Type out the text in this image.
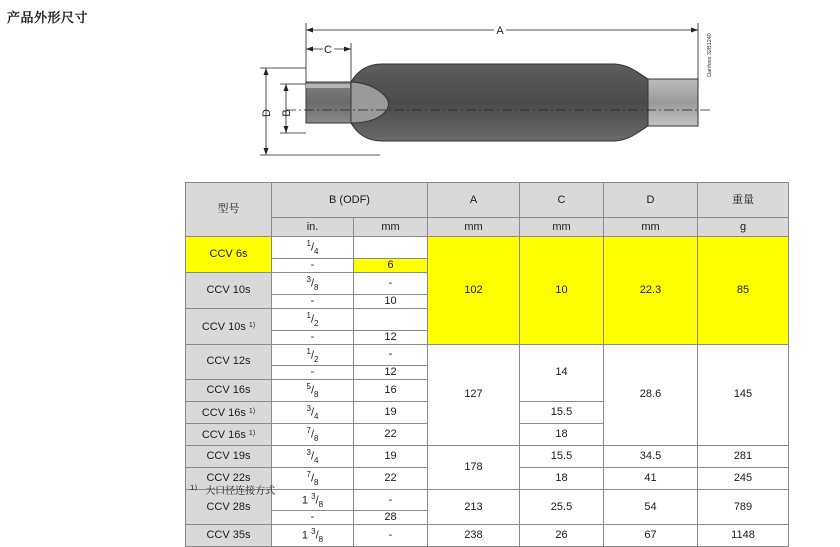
产品外形尺寸
A
C
D B
Danfoss 32B1240
型号	B (ODF)		A	C	D	重量
	in.	mm	mm	mm	mm	g
CCV 6s	$^1/_4$		102	10	22.3	85
	-	6				
CCV 10s	$^3/_8$	-				
	-	10				
CCV 10s $^{1)}$	$^1/_2$	
	-	12				
CCV 12s	$^1/_2$	-	127	14	28.6	145
	-	12				
CCV 16s	$^5/_8$	16				
CCV 16s $^{1)}$	$^3/_4$	19		15.5		
CCV 16s $^{1)}$	$^7/_8$	22		18		
CCV 19s	$^3/_4$	19	178	15.5	34.5	281
CCV 22s	$^7/_8$	22		18	41	245
CCV 28s	1 $^3/_8$	-	213	25.5	54	789
	-	28				
CCV 35s	1 $^3/_8$	-	238	26	67	1148
$^{1)}$ 大口径连接方式
